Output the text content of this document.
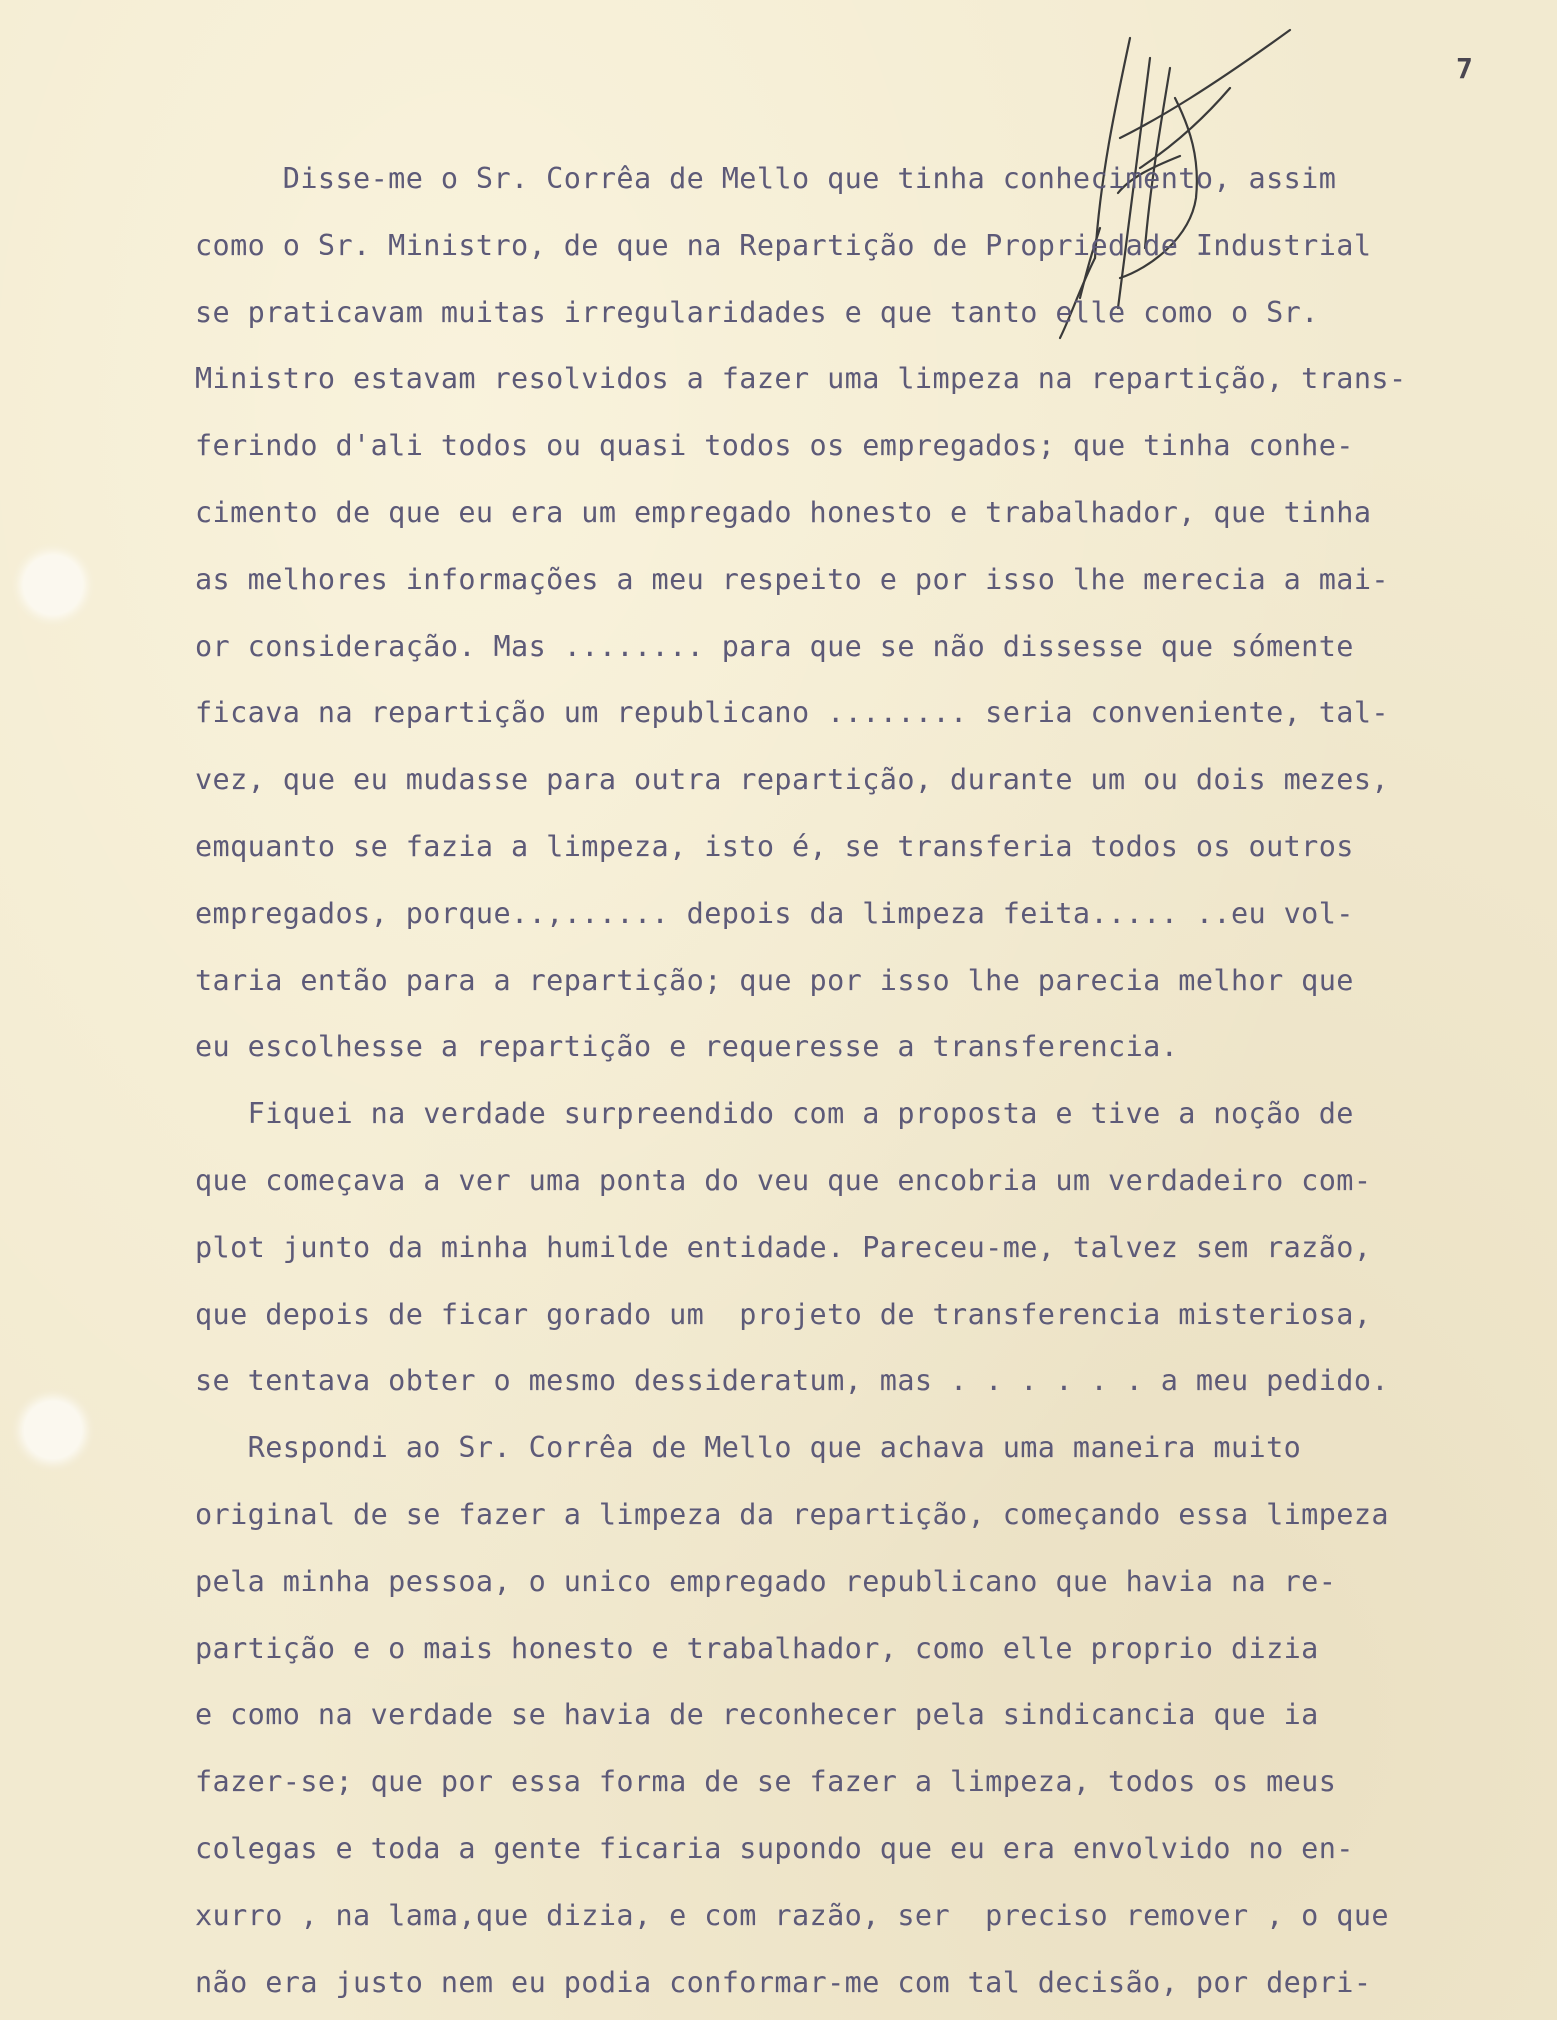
7
Disse-me o Sr. Corrêa de Mello que tinha conhecimento, assim
como o Sr. Ministro, de que na Repartição de Propriedade Industrial
se praticavam muitas irregularidades e que tanto elle como o Sr.
Ministro estavam resolvidos a fazer uma limpeza na repartição, trans-
ferindo d'ali todos ou quasi todos os empregados; que tinha conhe-
cimento de que eu era um empregado honesto e trabalhador, que tinha
as melhores informações a meu respeito e por isso lhe merecia a mai-
or consideração. Mas ........ para que se não dissesse que sómente
ficava na repartição um republicano ........ seria conveniente, tal-
vez, que eu mudasse para outra repartição, durante um ou dois mezes,
emquanto se fazia a limpeza, isto é, se transferia todos os outros
empregados, porque..,...... depois da limpeza feita..... ..eu vol-
taria então para a repartição; que por isso lhe parecia melhor que
eu escolhesse a repartição e requeresse a transferencia.
Fiquei na verdade surpreendido com a proposta e tive a noção de
que começava a ver uma ponta do veu que encobria um verdadeiro com-
plot junto da minha humilde entidade. Pareceu-me, talvez sem razão,
que depois de ficar gorado um  projeto de transferencia misteriosa,
se tentava obter o mesmo dessideratum, mas . . . . . . a meu pedido.
Respondi ao Sr. Corrêa de Mello que achava uma maneira muito
original de se fazer a limpeza da repartição, começando essa limpeza
pela minha pessoa, o unico empregado republicano que havia na re-
partição e o mais honesto e trabalhador, como elle proprio dizia
e como na verdade se havia de reconhecer pela sindicancia que ia
fazer-se; que por essa forma de se fazer a limpeza, todos os meus
colegas e toda a gente ficaria supondo que eu era envolvido no en-
xurro , na lama,que dizia, e com razão, ser  preciso remover , o que
não era justo nem eu podia conformar-me com tal decisão, por depri-
